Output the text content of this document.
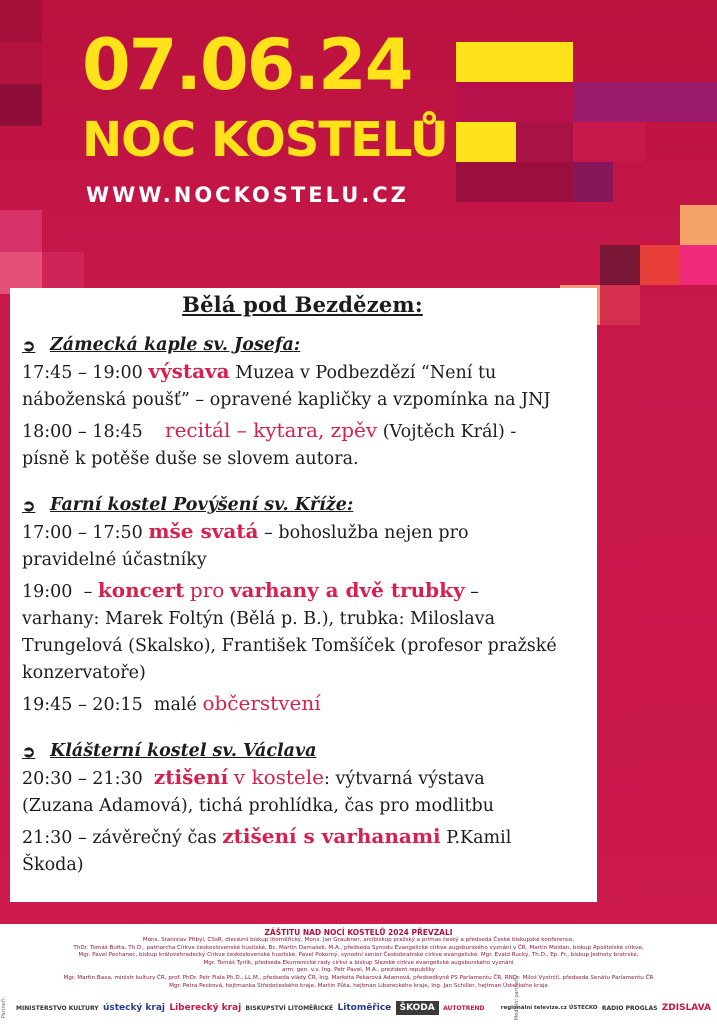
07.06.24
NOC KOSTELŮ
WWW.NOCKOSTELU.CZ
Bělá pod Bezdězem:
➲ Zámecká kaple sv. Josefa:
17:45 – 19:00 výstava Muzea v Podbezdězí “Není tu
náboženská poušť” – opravené kapličky a vzpomínka na JNJ
18:00 – 18:45 recitál – kytara, zpěv (Vojtěch Král) -
písně k potěše duše se slovem autora.
➲ Farní kostel Povýšení sv. Kříže:
17:00 – 17:50 mše svatá – bohoslužba nejen pro
pravidelné účastníky
19:00 – koncert pro varhany a dvě trubky –
varhany: Marek Foltýn (Bělá p. B.), trubka: Miloslava
Trungelová (Skalsko), František Tomšíček (profesor pražské
konzervatoře)
19:45 – 20:15 malé občerstvení
➲ Klášterní kostel sv. Václava
20:30 – 21:30 ztišení v kostele: výtvarná výstava
(Zuzana Adamová), tichá prohlídka, čas pro modlitbu
21:30 – závěrečný čas ztišení s varhanami P.Kamil
Škoda)
ZÁŠTITU NAD NOCÍ KOSTELŮ 2024 PŘEVZALI
Mons. Stanislav Přibyl, CSsR, diecézní biskup litoměřický, Mons. Jan Graubner, arcibiskup pražský a primas český a předseda České biskupské konference,
ThDr. Tomáš Butta, Th.D., patriarcha Církve československé husitské, Bc. Martin Damašek, M.A., předseda Synodu Evangelické církve augsburského vyznání v ČR, Martin Moldan, biskup Apoštolské církve,
Mgr. Pavel Pechanec, biskup královéhradecký Církve československé husitské, Pavel Pokorný, synodní senior Českobratrské církve evangelické, Mgr. Evald Rucký, Th.D., Ep. Fr., biskup Jednoty bratrské,
Mgr. Tomáš Tyrlík, předseda Ekumenické rady církví a biskup Slezské církve evangelické augsburského vyznání
arm. gen. v.v. Ing. Petr Pavel, M.A., prezident republiky
Mgr. Martin Baxa, ministr kultury ČR, prof. PhDr. Petr Fiala Ph.D., LL.M., předseda vlády ČR, Ing. Markéta Pekarová Adamová, předsedkyně PS Parlamentu ČR, RNDr. Miloš Vystrčil, předseda Senátu Parlamentu ČR
Mgr. Petra Pecková, hejtmanka Středočeského kraje, Martin Půta, hejtman Libereckého kraje, Ing. Jan Schiller, hejtman Ústeckého kraje
Partneři:	Mediální partneři:
MINISTERSTVO KULTURY ústecký kraj Liberecký kraj BISKUPSTVÍ LITOMĚŘICKÉ Litoměřice ŠKODA	AUTOTREND	regionální televize.cz ÚSTECKO RADIO PROGLAS ZDISLAVA
